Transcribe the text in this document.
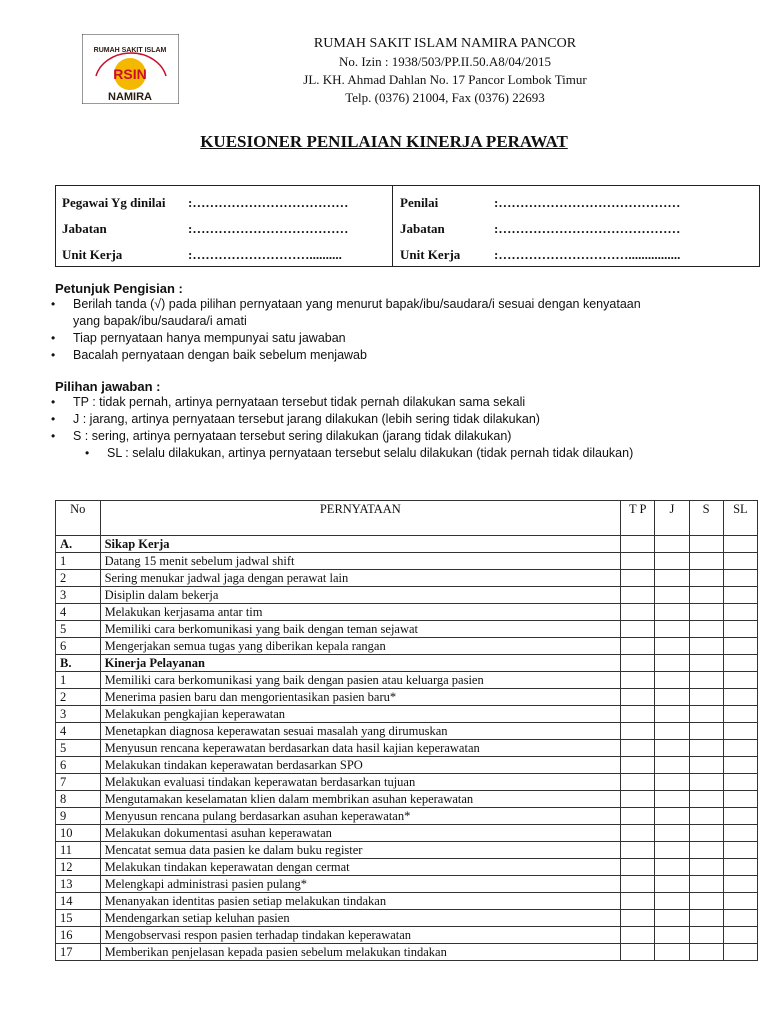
RSIN
RUMAH SAKIT ISLAM
NAMIRA
RUMAH SAKIT ISLAM NAMIRA PANCOR
No. Izin : 1938/503/PP.II.50.A8/04/2015
JL. KH. Ahmad Dahlan No. 17 Pancor Lombok Timur
Telp. (0376) 21004, Fax (0376) 22693
KUESIONER PENILAIAN KINERJA PERAWAT
Pegawai Yg dinilai :………………………………
Jabatan	:………………………………
Unit Kerja	:………………………..........
Penilai	:……………………………………
Jabatan	:……………………………………
Unit Kerja	:…………………………................
Petunjuk Pengisian :
• Berilah tanda (√) pada pilihan pernyataan yang menurut bapak/ibu/saudara/i sesuai dengan kenyataan
yang bapak/ibu/saudara/i amati
• Tiap pernyataan hanya mempunyai satu jawaban
• Bacalah pernyataan dengan baik sebelum menjawab
Pilihan jawaban :
• TP : tidak pernah, artinya pernyataan tersebut tidak pernah dilakukan sama sekali
• J : jarang, artinya pernyataan tersebut jarang dilakukan (lebih sering tidak dilakukan)
• S : sering, artinya pernyataan tersebut sering dilakukan (jarang tidak dilakukan)
• SL : selalu dilakukan, artinya pernyataan tersebut selalu dilakukan (tidak pernah tidak dilaukan)
No	PERNYATAAN	T P	J	S	SL
A.	Sikap Kerja				
1	Datang 15 menit sebelum jadwal shift				
2	Sering menukar jadwal jaga dengan perawat lain				
3	Disiplin dalam bekerja				
4	Melakukan kerjasama antar tim				
5	Memiliki cara berkomunikasi yang baik dengan teman sejawat				
6	Mengerjakan semua tugas yang diberikan kepala rangan				
B.	Kinerja Pelayanan				
1	Memiliki cara berkomunikasi yang baik dengan pasien atau keluarga pasien				
2	Menerima pasien baru dan mengorientasikan pasien baru*				
3	Melakukan pengkajian keperawatan				
4	Menetapkan diagnosa keperawatan sesuai masalah yang dirumuskan				
5	Menyusun rencana keperawatan berdasarkan data hasil kajian keperawatan				
6	Melakukan tindakan keperawatan berdasarkan SPO				
7	Melakukan evaluasi tindakan keperawatan berdasarkan tujuan				
8	Mengutamakan keselamatan klien dalam membrikan asuhan keperawatan				
9	Menyusun rencana pulang berdasarkan asuhan keperawatan*				
10	Melakukan dokumentasi asuhan keperawatan				
11	Mencatat semua data pasien ke dalam buku register				
12	Melakukan tindakan keperawatan dengan cermat				
13	Melengkapi administrasi pasien pulang*				
14	Menanyakan identitas pasien setiap melakukan tindakan				
15	Mendengarkan setiap keluhan pasien				
16	Mengobservasi respon pasien terhadap tindakan keperawatan				
17	Memberikan penjelasan kepada pasien sebelum melakukan tindakan				
